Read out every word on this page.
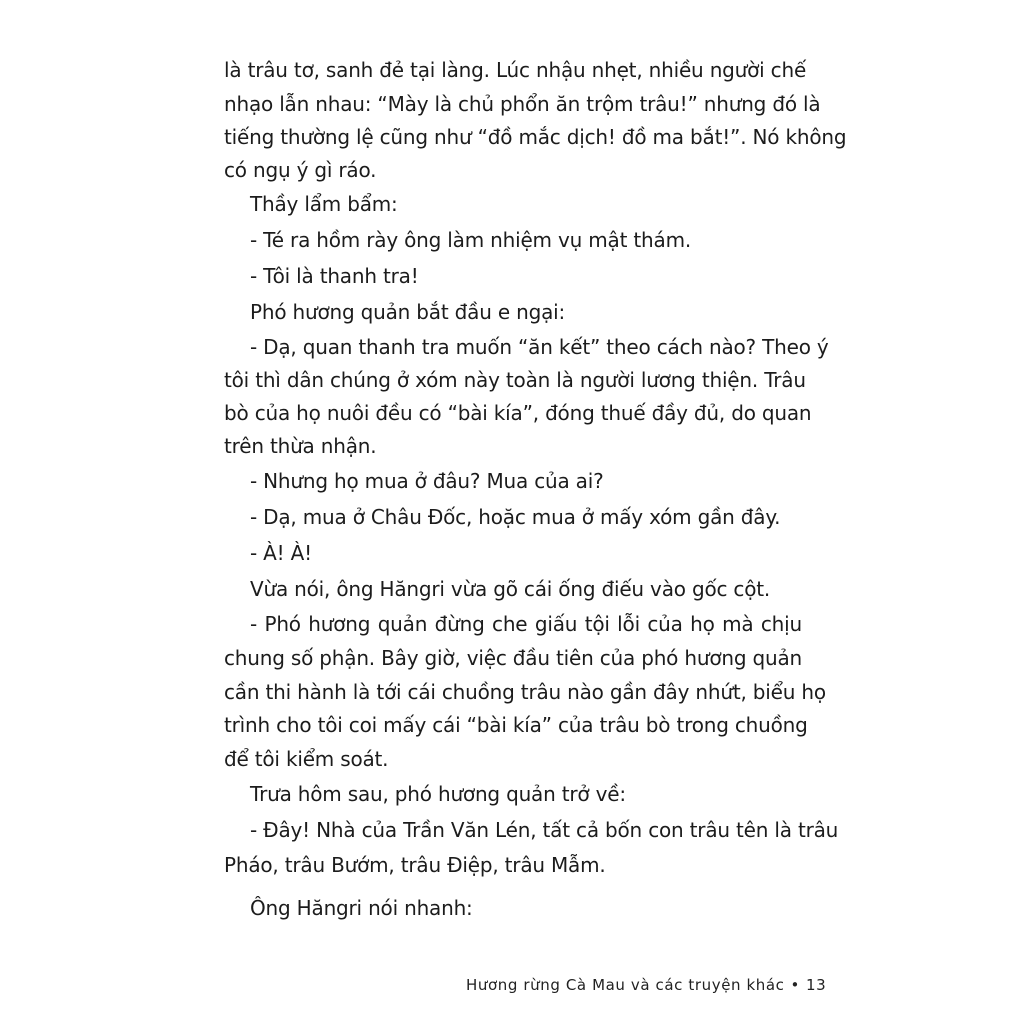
là trâu tơ, sanh đẻ tại làng. Lúc nhậu nhẹt, nhiều người chế
nhạo lẫn nhau: “Mày là chủ phổn ăn trộm trâu!” nhưng đó là
tiếng thường lệ cũng như “đồ mắc dịch! đồ ma bắt!”. Nó không
có ngụ ý gì ráo.
Thầy lẩm bẩm:
- Té ra hồm rày ông làm nhiệm vụ mật thám.
- Tôi là thanh tra!
Phó hương quản bắt đầu e ngại:
- Dạ, quan thanh tra muốn “ăn kết” theo cách nào? Theo ý
tôi thì dân chúng ở xóm này toàn là người lương thiện. Trâu
bò của họ nuôi đều có “bài kía”, đóng thuế đầy đủ, do quan
trên thừa nhận.
- Nhưng họ mua ở đâu? Mua của ai?
- Dạ, mua ở Châu Đốc, hoặc mua ở mấy xóm gần đây.
- À! À!
Vừa nói, ông Hăngri vừa gõ cái ống điếu vào gốc cột.
- Phó hương quản đừng che giấu tội lỗi của họ mà chịu
chung số phận. Bây giờ, việc đầu tiên của phó hương quản
cần thi hành là tới cái chuồng trâu nào gần đây nhứt, biểu họ
trình cho tôi coi mấy cái “bài kía” của trâu bò trong chuồng
để tôi kiểm soát.
Trưa hôm sau, phó hương quản trở về:
- Đây! Nhà của Trần Văn Lén, tất cả bốn con trâu tên là trâu
Pháo, trâu Bướm, trâu Điệp, trâu Mẫm.
Ông Hăngri nói nhanh:
Hương rừng Cà Mau và các truyện khác • 13
